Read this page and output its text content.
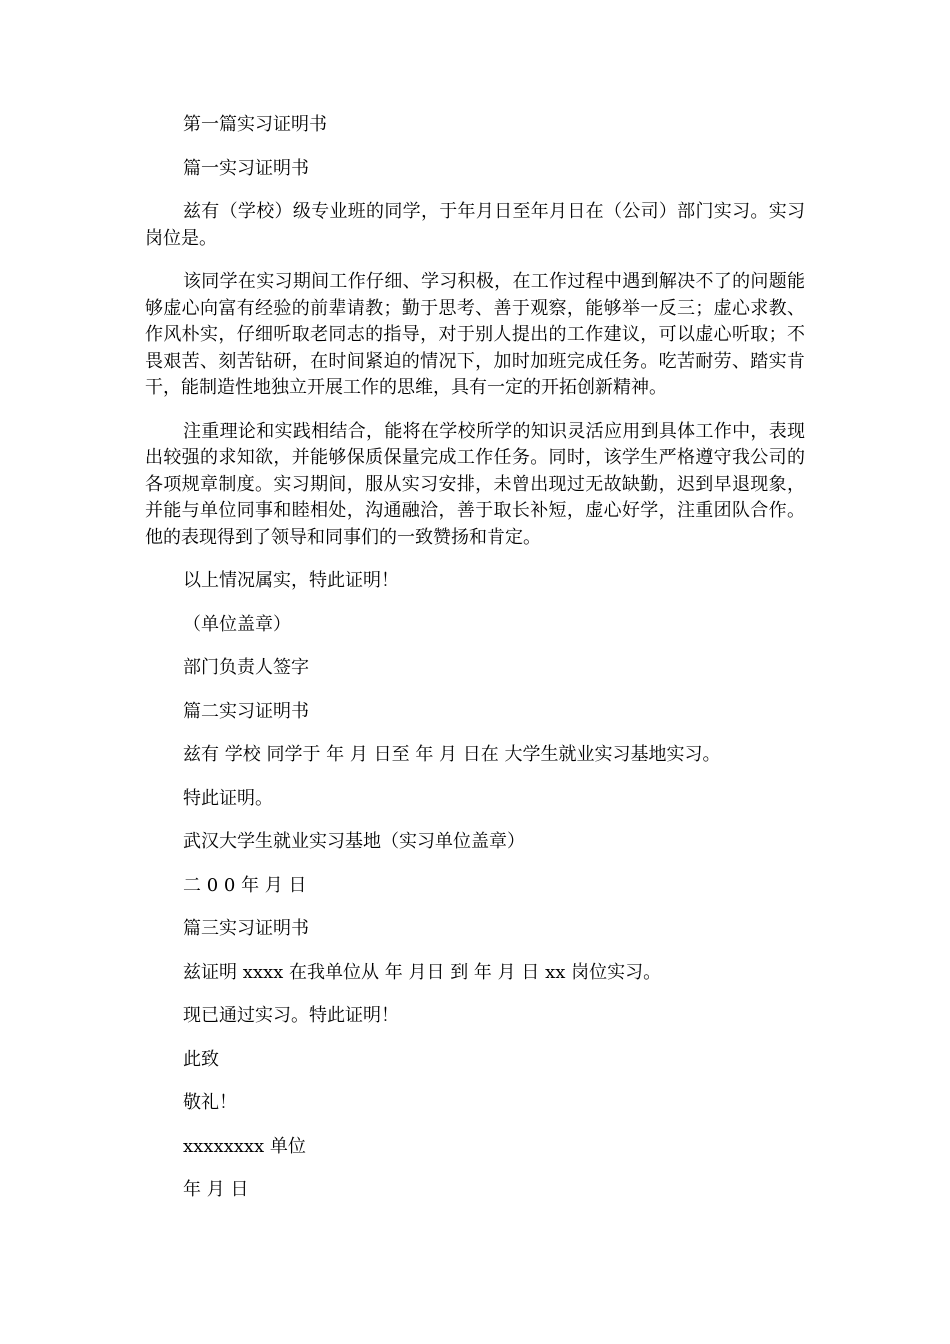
第一篇实习证明书

篇一实习证明书

兹有（学校）级专业班的同学，于年月日至年月日在（公司）部门实习。实习岗位是。

该同学在实习期间工作仔细、学习积极，在工作过程中遇到解决不了的问题能够虚心向富有经验的前辈请教；勤于思考、善于观察，能够举一反三；虚心求教、作风朴实，仔细听取老同志的指导，对于别人提出的工作建议，可以虚心听取；不畏艰苦、刻苦钻研，在时间紧迫的情况下，加时加班完成任务。吃苦耐劳、踏实肯干，能制造性地独立开展工作的思维，具有一定的开拓创新精神。

注重理论和实践相结合，能将在学校所学的知识灵活应用到具体工作中，表现出较强的求知欲，并能够保质保量完成工作任务。同时，该学生严格遵守我公司的各项规章制度。实习期间，服从实习安排，未曾出现过无故缺勤，迟到早退现象，并能与单位同事和睦相处，沟通融洽，善于取长补短，虚心好学，注重团队合作。他的表现得到了领导和同事们的一致赞扬和肯定。

以上情况属实，特此证明！

（单位盖章）

部门负责人签字

篇二实习证明书

兹有 学校 同学于 年 月 日至 年 月 日在 大学生就业实习基地实习。

特此证明。

武汉大学生就业实习基地（实习单位盖章）

二 0 0 年 月 日

篇三实习证明书

兹证明 xxxx 在我单位从 年 月日 到 年 月 日 xx 岗位实习。

现已通过实习。特此证明！

此致

敬礼！

xxxxxxxx 单位

年 月 日
